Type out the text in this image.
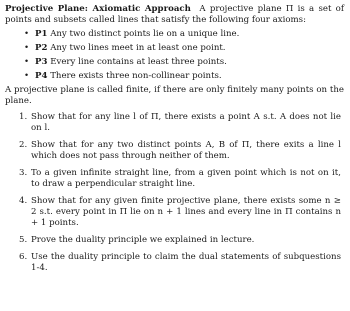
Projective Plane: Axiomatic Approach A projective plane Π is a set of points and subsets called lines that satisfy the following four axioms:

• P1 Any two distinct points lie on a unique line.
• P2 Any two lines meet in at least one point.
• P3 Every line contains at least three points.
• P4 There exists three non-collinear points.

A projective plane is called finite, if there are only finitely many points on the plane.

1. Show that for any line l of Π, there exists a point A s.t. A does not lie on l.

2. Show that for any two distinct points A, B of Π, there exits a line l which does not pass through neither of them.

3. To a given infinite straight line, from a given point which is not on it, to draw a perpendicular straight line.

4. Show that for any given finite projective plane, there exists some n ≥ 2 s.t. every point in Π lie on n + 1 lines and every line in Π contains n + 1 points.

5. Prove the duality principle we explained in lecture.

6. Use the duality principle to claim the dual statements of subquestions 1-4.
